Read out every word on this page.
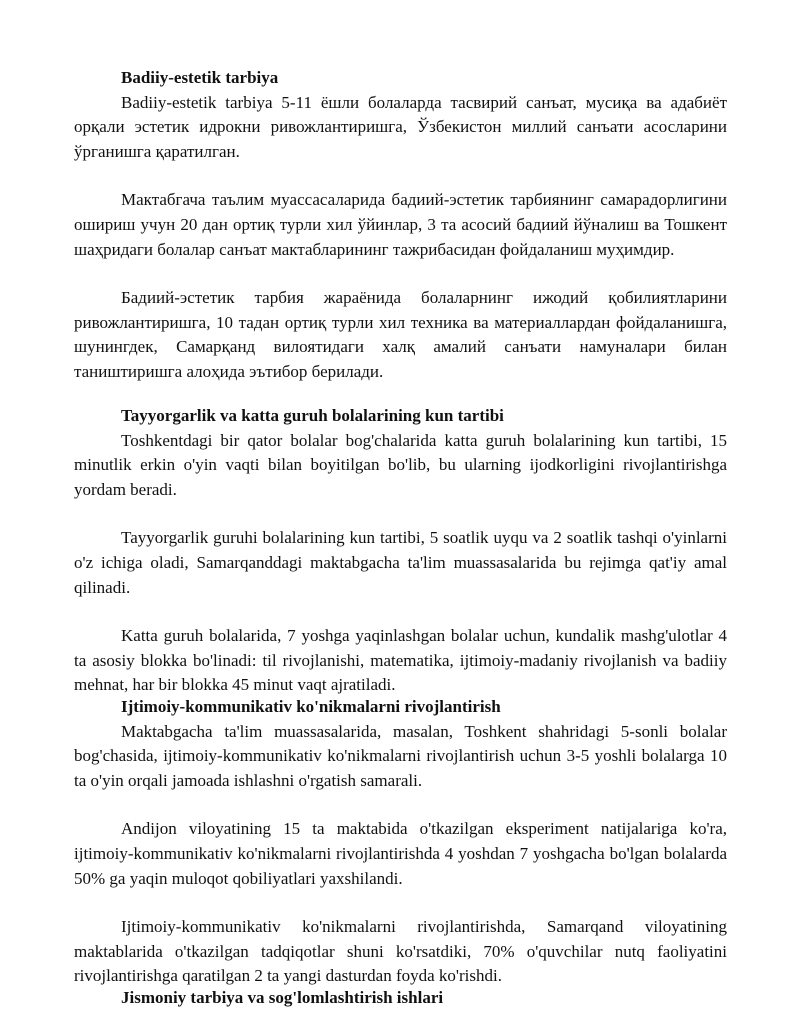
Badiiy-estetik tarbiya

Badiiy-estetik tarbiya 5-11 ёшли болаларда тасвирий санъат, мусиқа ва адабиёт орқали эстетик идрокни ривожлантиришга, Ўзбекистон миллий санъати асосларини ўрганишга қаратилган.

Мактабгача таълим муассасаларида бадиий-эстетик тарбиянинг самарадорлигини ошириш учун 20 дан ортиқ турли хил ўйинлар, 3 та асосий бадиий йўналиш ва Тошкент шаҳридаги болалар санъат мактабларининг тажрибасидан фойдаланиш муҳимдир.

Бадиий-эстетик тарбия жараёнида болаларнинг ижодий қобилиятларини ривожлантиришга, 10 тадан ортиқ турли хил техника ва материаллардан фойдаланишга, шунингдек, Самарқанд вилоятидаги халқ амалий санъати намуналари билан таништиришга алоҳида эътибор берилади.

Tayyorgarlik va katta guruh bolalarining kun tartibi

Toshkentdagi bir qator bolalar bog'chalarida katta guruh bolalarining kun tartibi, 15 minutlik erkin o'yin vaqti bilan boyitilgan bo'lib, bu ularning ijodkorligini rivojlantirishga yordam beradi.

Tayyorgarlik guruhi bolalarining kun tartibi, 5 soatlik uyqu va 2 soatlik tashqi o'yinlarni o'z ichiga oladi, Samarqanddagi maktabgacha ta'lim muassasalarida bu rejimga qat'iy amal qilinadi.

Katta guruh bolalarida, 7 yoshga yaqinlashgan bolalar uchun, kundalik mashg'ulotlar 4 ta asosiy blokka bo'linadi: til rivojlanishi, matematika, ijtimoiy-madaniy rivojlanish va badiiy mehnat, har bir blokka 45 minut vaqt ajratiladi.

Ijtimoiy-kommunikativ ko'nikmalarni rivojlantirish

Maktabgacha ta'lim muassasalarida, masalan, Toshkent shahridagi 5-sonli bolalar bog'chasida, ijtimoiy-kommunikativ ko'nikmalarni rivojlantirish uchun 3-5 yoshli bolalarga 10 ta o'yin orqali jamoada ishlashni o'rgatish samarali.

Andijon viloyatining 15 ta maktabida o'tkazilgan eksperiment natijalariga ko'ra, ijtimoiy-kommunikativ ko'nikmalarni rivojlantirishda 4 yoshdan 7 yoshgacha bo'lgan bolalarda 50% ga yaqin muloqot qobiliyatlari yaxshilandi.

Ijtimoiy-kommunikativ ko'nikmalarni rivojlantirishda, Samarqand viloyatining maktablarida o'tkazilgan tadqiqotlar shuni ko'rsatdiki, 70% o'quvchilar nutq faoliyatini rivojlantirishga qaratilgan 2 ta yangi dasturdan foyda ko'rishdi.

Jismoniy tarbiya va sog'lomlashtirish ishlari
